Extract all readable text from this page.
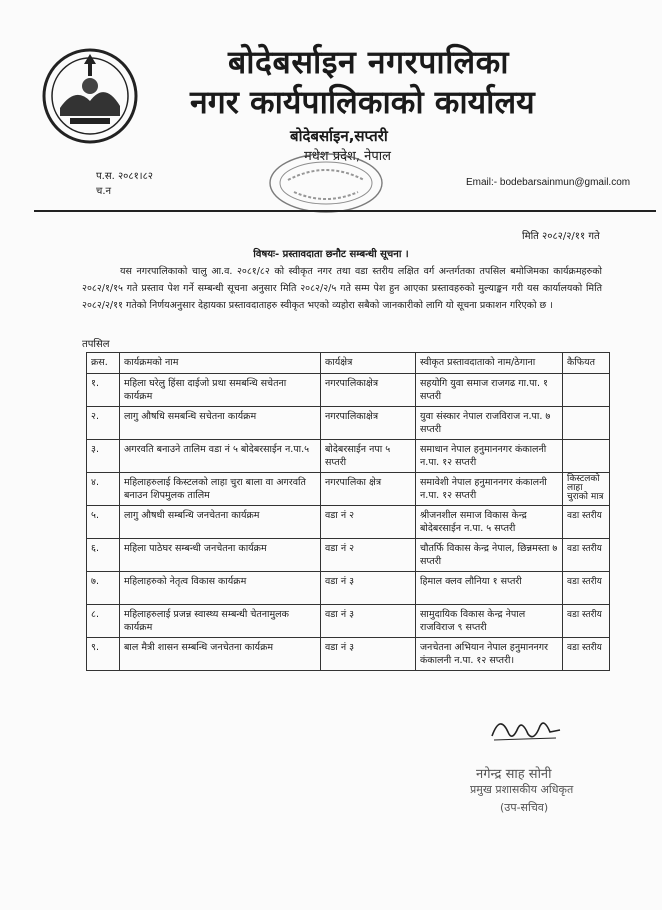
बोदेबर्साइन नगरपालिका
नगर कार्यपालिकाको कार्यालय
बोदेबर्साइन,सप्तरी
मधेश प्रदेश, नेपाल
प.स. २०८१।८२
च.न
Email:- bodebarsainmun@gmail.com
मिति २०८२/२/११ गते
विषयः- प्रस्तावदाता छनौट सम्बन्धी सूचना ।
यस नगरपालिकाको चालु आ.व. २०८१/८२ को स्वीकृत नगर तथा वडा स्तरीय लक्षित वर्ग अन्तर्गतका तपसिल बमोजिमका कार्यक्रमहरुको २०८२/१/१५ गते प्रस्ताव पेश गर्ने सम्बन्धी सूचना अनुसार मिति २०८२/२/५ गते सम्म पेश हुन आएका प्रस्तावहरुको मुल्याङ्कन गरी यस कार्यालयको मिति २०८२/२/११ गतेको निर्णयअनुसार देहायका प्रस्तावदाताहरु स्वीकृत भएको व्यहोरा सबैको जानकारीको लागि यो सूचना प्रकाशन गरिएको छ ।
तपसिल
क्रस.	कार्यक्रमको नाम	कार्यक्षेत्र	स्वीकृत प्रस्तावदाताको नाम/ठेगाना	कैफियत
१.	महिला घरेलु हिंसा दाईजो प्रथा समबन्धि सचेतना कार्यक्रम	नगरपालिकाक्षेत्र	सहयोगि युवा समाज राजगढ गा.पा. १ सप्तरी	
२.	लागु औषधि समबन्धि सचेतना कार्यक्रम	नगरपालिकाक्षेत्र	युवा संस्कार नेपाल राजविराज न.पा. ७ सप्तरी	
३.	अगरवति बनाउने तालिम वडा नं ५ बोदेबरसाईन न.पा.५	बोदेबरसाईन नपा ५ सप्तरी	समाधान नेपाल हनुमाननगर कंकालनी न.पा. १२ सप्तरी	
४.	महिलाहरुलाई किस्टलको लाहा चुरा बाला वा अगरवति बनाउन शिपमुलक तालिम	नगरपालिका क्षेत्र	समावेशी नेपाल हनुमाननगर कंकालनी न.पा. १२ सप्तरी	किस्टलको लाहा चुराको मात्र
५.	लागु औषधी सम्बन्धि जनचेतना कार्यक्रम	वडा नं २	श्रीजनशील समाज विकास केन्द्र बोदेबरसाईन न.पा. ५ सप्तरी	वडा स्तरीय
६.	महिला पाठेघर सम्बन्धी जनचेतना कार्यक्रम	वडा नं २	चौतर्फि विकास केन्द्र नेपाल, छिन्नमस्ता ७ सप्तरी	वडा स्तरीय
७.	महिलाहरुको नेतृत्व विकास कार्यक्रम	वडा नं ३	हिमाल क्लव लौनिया १ सप्तरी	वडा स्तरीय
८.	महिलाहरुलाई प्रजन्न स्वास्थ्य सम्बन्धी चेतनामुलक कार्यक्रम	वडा नं ३	सामुदायिक विकास केन्द्र नेपाल राजविराज ९ सप्तरी	वडा स्तरीय
९.	बाल मैत्री शासन सम्बन्धि जनचेतना कार्यक्रम	वडा नं ३	जनचेतना अभियान नेपाल हनुमाननगर कंकालनी न.पा. १२ सप्तरी।	वडा स्तरीय
नगेन्द्र साह सोनी
प्रमुख प्रशासकीय अधिकृत
(उप-सचिव)
